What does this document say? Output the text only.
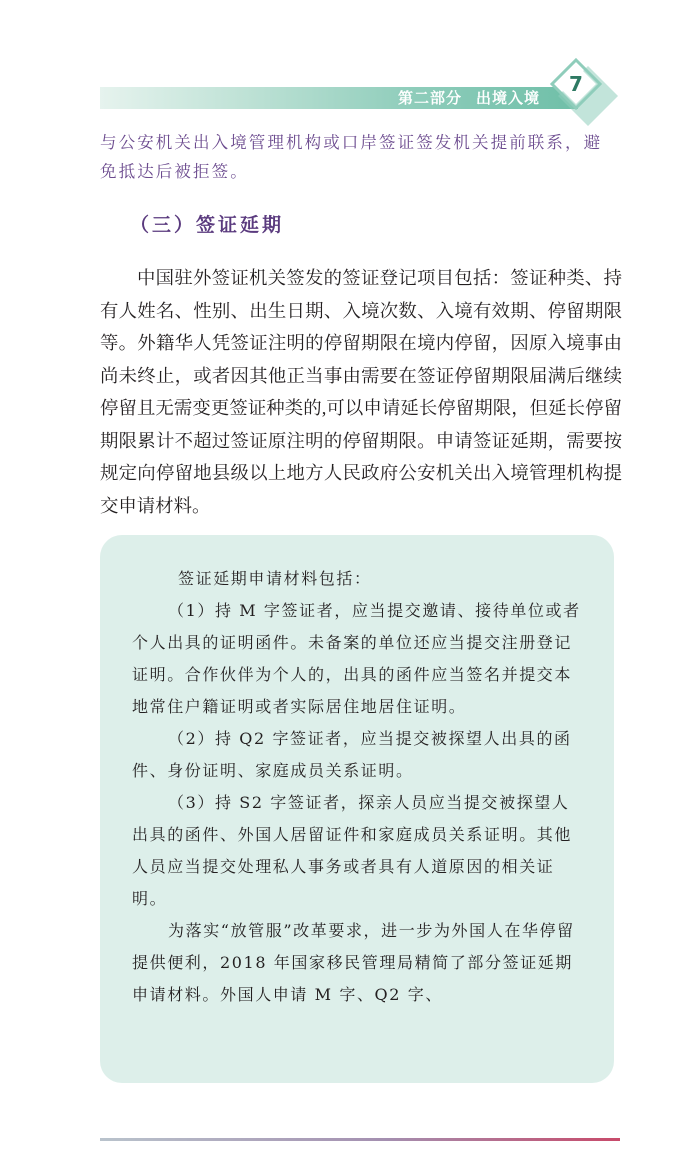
第二部分 出境入境
7

与公安机关出入境管理机构或口岸签证签发机关提前联系，避免抵达后被拒签。

（三）签证延期

中国驻外签证机关签发的签证登记项目包括：签证种类、持有人姓名、性别、出生日期、入境次数、入境有效期、停留期限等。外籍华人凭签证注明的停留期限在境内停留，因原入境事由尚未终止，或者因其他正当事由需要在签证停留期限届满后继续停留且无需变更签证种类的,可以申请延长停留期限，但延长停留期限累计不超过签证原注明的停留期限。申请签证延期，需要按规定向停留地县级以上地方人民政府公安机关出入境管理机构提交申请材料。

签证延期申请材料包括：

（1）持 M 字签证者，应当提交邀请、接待单位或者个人出具的证明函件。未备案的单位还应当提交注册登记证明。合作伙伴为个人的，出具的函件应当签名并提交本地常住户籍证明或者实际居住地居住证明。

（2）持 Q2 字签证者，应当提交被探望人出具的函件、身份证明、家庭成员关系证明。

（3）持 S2 字签证者，探亲人员应当提交被探望人出具的函件、外国人居留证件和家庭成员关系证明。其他人员应当提交处理私人事务或者具有人道原因的相关证明。

为落实“放管服”改革要求，进一步为外国人在华停留提供便利，2018 年国家移民管理局精简了部分签证延期申请材料。外国人申请 M 字、Q2 字、
